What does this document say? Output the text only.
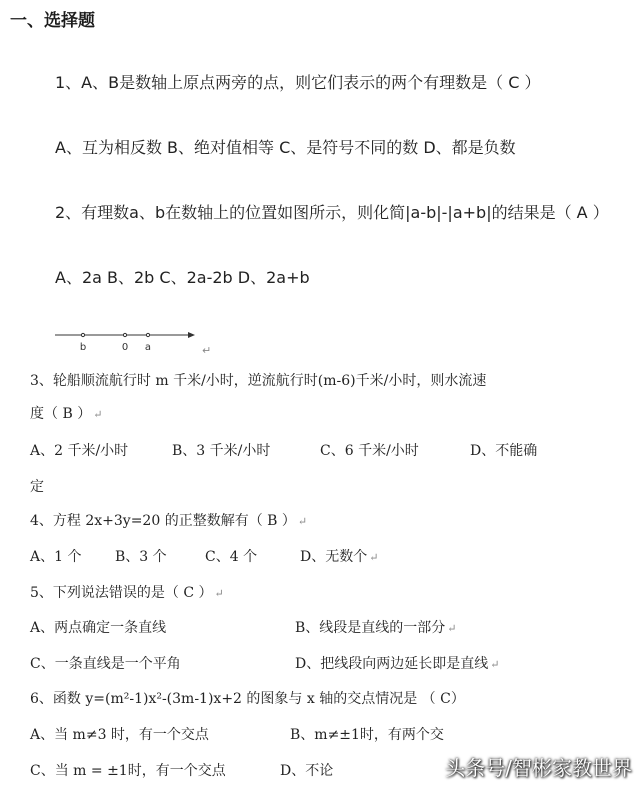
一、选择题
1、A、B是数轴上原点两旁的点，则它们表示的两个有理数是（ C ）
A、互为相反数 B、绝对值相等 C、是符号不同的数 D、都是负数
2、有理数a、b在数轴上的位置如图所示，则化简|a-b|-|a+b|的结果是（ A ）
A、2a B、2b C、2a-2b D、2a+b
b	0 a	↵
3、轮船顺流航行时 m 千米/小时，逆流航行时(m-6)千米/小时，则水流速
度（ B ） ↵
A、2 千米/小时	B、3 千米/小时	C、6 千米/小时	D、不能确
定
4、方程 2x+3y=20 的正整数解有（ B ） ↵
A、1 个 B、3 个	C、4 个	D、无数个 ↵
5、下列说法错误的是（ C ） ↵
A、两点确定一条直线	B、线段是直线的一部分 ↵
C、一条直线是一个平角	D、把线段向两边延长即是直线 ↵
6、函数 y=(m²-1)x²-(3m-1)x+2 的图象与 x 轴的交点情况是 （ C）
A、当 m≠3 时，有一个交点	B、m≠±1时，有两个交
C、当 m = ±1时，有一个交点	D、不论	头条号/智彬家教世界
